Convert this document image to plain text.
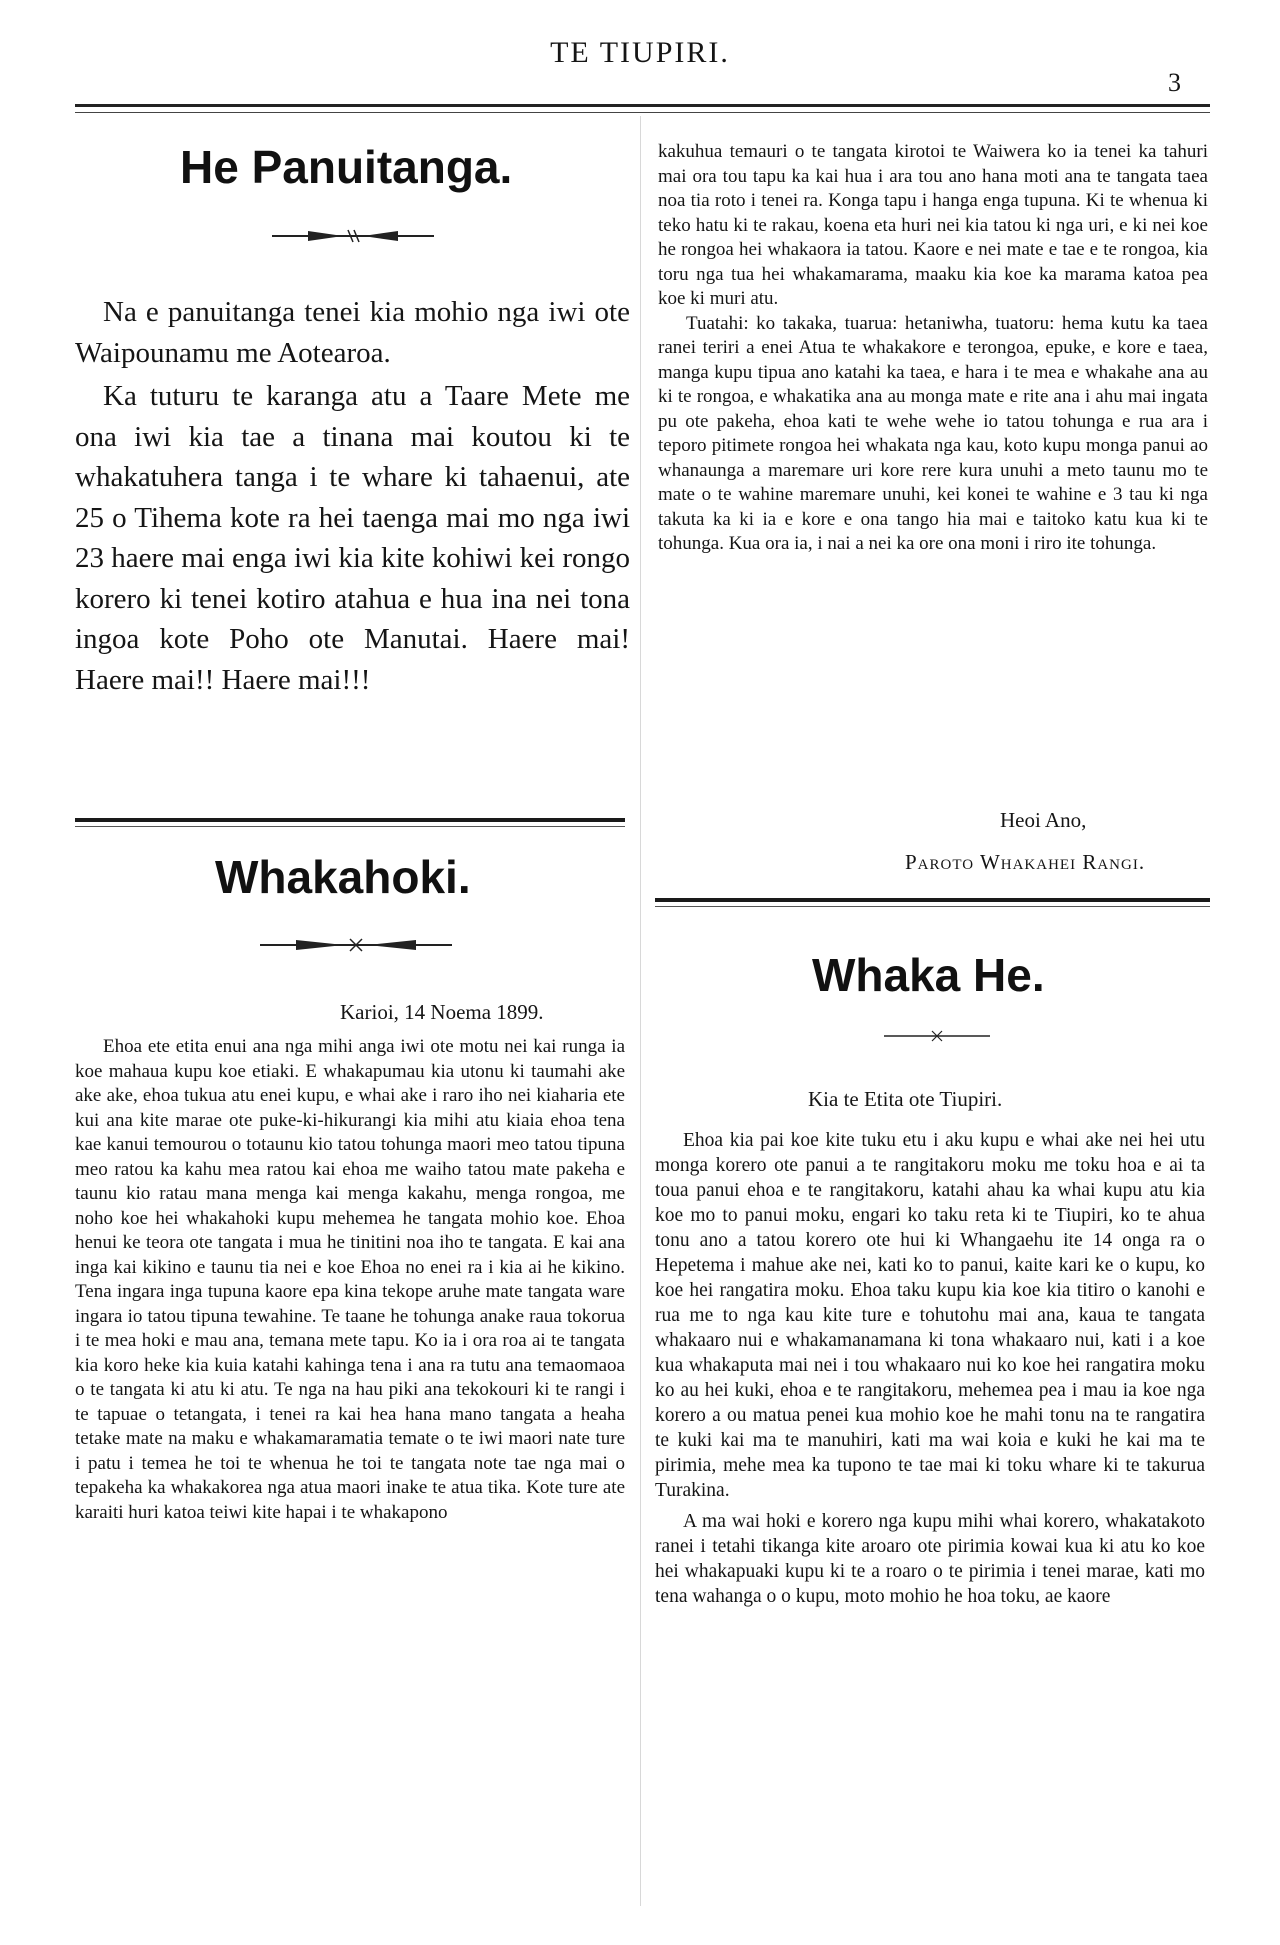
TE TIUPIRI.
3
He Panuitanga.

Na e panuitanga tenei kia mohio nga iwi ote Waipounamu me Aotearoa.

Ka tuturu te karanga atu a Taare Mete me ona iwi kia tae a tinana mai koutou ki te whakatuhera tanga i te whare ki tahaenui, ate 25 o Tihema kote ra hei taenga mai mo nga iwi 23 haere mai enga iwi kia kite kohiwi kei rongo korero ki tenei kotiro atahua e hua ina nei tona ingoa kote Poho ote Manutai. Haere mai! Haere mai!! Haere mai!!!

Whakahoki.
Karioi, 14 Noema 1899.

Ehoa ete etita enui ana nga mihi anga iwi ote motu nei kai runga ia koe mahaua kupu koe etiaki. E whakapumau kia utonu ki taumahi ake ake ake, ehoa tukua atu enei kupu, e whai ake i raro iho nei kiaharia ete kui ana kite marae ote puke-ki-hikurangi kia mihi atu kiaia ehoa tena kae kanui temourou o totaunu kio tatou tohunga maori meo tatou tipuna meo ratou ka kahu mea ratou kai ehoa me waiho tatou mate pakeha e taunu kio ratau mana menga kai menga kakahu, menga rongoa, me noho koe hei whakahoki kupu mehemea he tangata mohio koe. Ehoa henui ke teora ote tangata i mua he tinitini noa iho te tangata. E kai ana inga kai kikino e taunu tia nei e koe Ehoa no enei ra i kia ai he kikino. Tena ingara inga tupuna kaore epa kina tekope aruhe mate tangata ware ingara io tatou tipuna tewahine. Te taane he tohunga anake raua tokorua i te mea hoki e mau ana, temana mete tapu. Ko ia i ora roa ai te tangata kia koro heke kia kuia katahi kahinga tena i ana ra tutu ana temaomaoa o te tangata ki atu ki atu. Te nga na hau piki ana tekokouri ki te rangi i te tapuae o tetangata, i tenei ra kai hea hana mano tangata a heaha tetake mate na maku e whakamaramatia temate o te iwi maori nate ture i patu i temea he toi te whenua he toi te tangata note tae nga mai o tepakeha ka whakakorea nga atua maori inake te atua tika. Kote ture ate karaiti huri katoa teiwi kite hapai i te whakapono

kakuhua temauri o te tangata kirotoi te Waiwera ko ia tenei ka tahuri mai ora tou tapu ka kai hua i ara tou ano hana moti ana te tangata taea noa tia roto i tenei ra. Konga tapu i hanga enga tupuna. Ki te whenua ki teko hatu ki te rakau, koena eta huri nei kia tatou ki nga uri, e ki nei koe he rongoa hei whakaora ia tatou. Kaore e nei mate e tae e te rongoa, kia toru nga tua hei whakamarama, maaku kia koe ka marama katoa pea koe ki muri atu.

Tuatahi: ko takaka, tuarua: hetaniwha, tuatoru: hema kutu ka taea ranei teriri a enei Atua te whakakore e terongoa, epuke, e kore e taea, manga kupu tipua ano katahi ka taea, e hara i te mea e whakahe ana au ki te rongoa, e whakatika ana au monga mate e rite ana i ahu mai ingata pu ote pakeha, ehoa kati te wehe wehe io tatou tohunga e rua ara i teporo pitimete rongoa hei whakata nga kau, koto kupu monga panui ao whanaunga a maremare uri kore rere kura unuhi a meto taunu mo te mate o te wahine maremare unuhi, kei konei te wahine e 3 tau ki nga takuta ka ki ia e kore e ona tango hia mai e taitoko katu kua ki te tohunga. Kua ora ia, i nai a nei ka ore ona moni i riro ite tohunga.

Heoi Ano,
Paroto Whakahei Rangi.
Whaka He.
Kia te Etita ote Tiupiri.

Ehoa kia pai koe kite tuku etu i aku kupu e whai ake nei hei utu monga korero ote panui a te rangitakoru moku me toku hoa e ai ta toua panui ehoa e te rangitakoru, katahi ahau ka whai kupu atu kia koe mo to panui moku, engari ko taku reta ki te Tiupiri, ko te ahua tonu ano a tatou korero ote hui ki Whangaehu ite 14 onga ra o Hepetema i mahue ake nei, kati ko to panui, kaite kari ke o kupu, ko koe hei rangatira moku. Ehoa taku kupu kia koe kia titiro o kanohi e rua me to nga kau kite ture e tohutohu mai ana, kaua te tangata whakaaro nui e whakamanamana ki tona whakaaro nui, kati i a koe kua whakaputa mai nei i tou whakaaro nui ko koe hei rangatira moku ko au hei kuki, ehoa e te rangitakoru, mehemea pea i mau ia koe nga korero a ou matua penei kua mohio koe he mahi tonu na te rangatira te kuki kai ma te manuhiri, kati ma wai koia e kuki he kai ma te pirimia, mehe mea ka tupono te tae mai ki toku whare ki te takurua Turakina.

A ma wai hoki e korero nga kupu mihi whai korero, whakatakoto ranei i tetahi tikanga kite aroaro ote pirimia kowai kua ki atu ko koe hei whakapuaki kupu ki te a roaro o te pirimia i tenei marae, kati mo tena wahanga o o kupu, moto mohio he hoa toku, ae kaore
